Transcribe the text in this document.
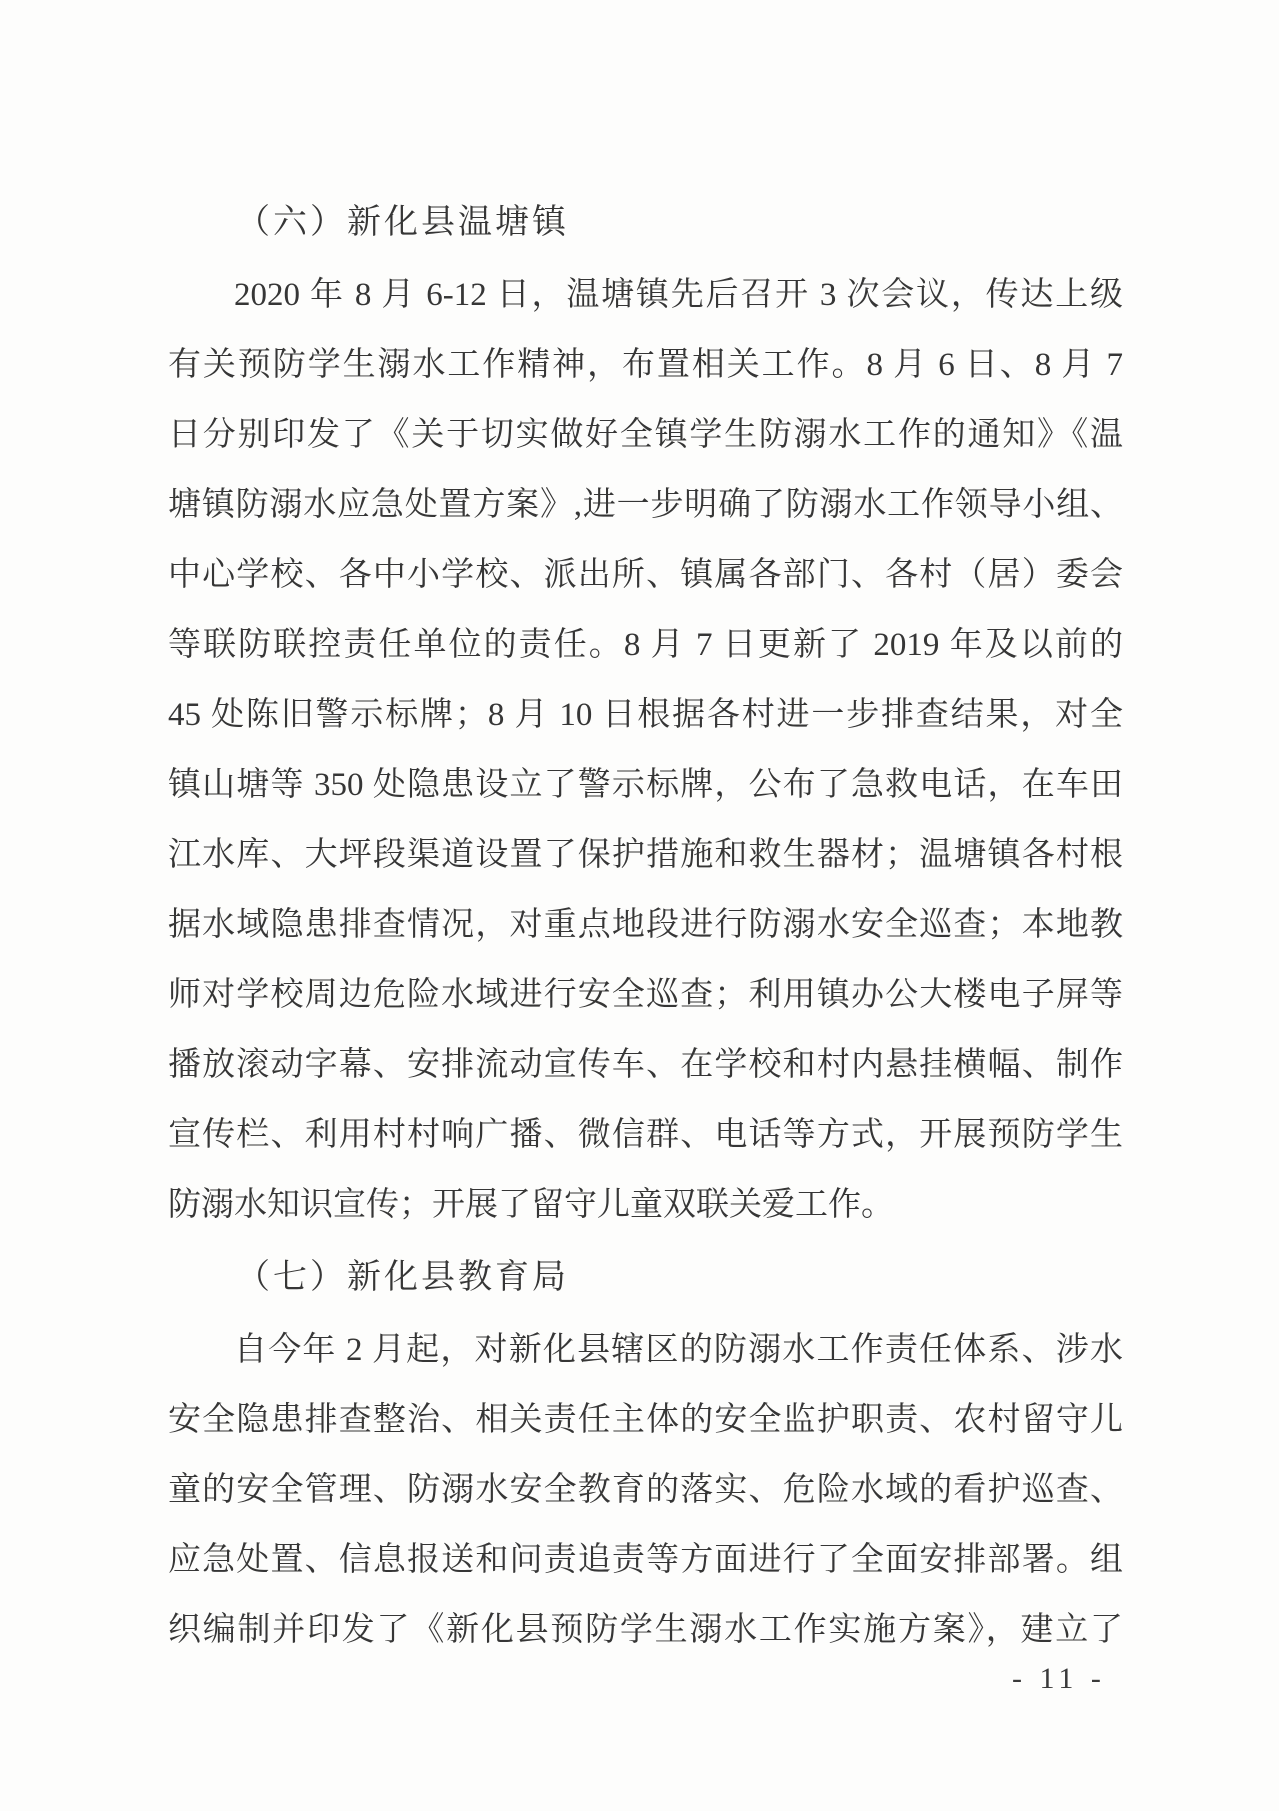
（六）新化县温塘镇
2020 年 8 月 6-12 日，温塘镇先后召开 3 次会议，传达上级
有关预防学生溺水工作精神，布置相关工作。8 月 6 日、8 月 7
日分别印发了《关于切实做好全镇学生防溺水工作的通知》《温
塘镇防溺水应急处置方案》,进一步明确了防溺水工作领导小组、
中心学校、各中小学校、派出所、镇属各部门、各村（居）委会
等联防联控责任单位的责任。8 月 7 日更新了 2019 年及以前的
45 处陈旧警示标牌；8 月 10 日根据各村进一步排查结果，对全
镇山塘等 350 处隐患设立了警示标牌，公布了急救电话，在车田
江水库、大坪段渠道设置了保护措施和救生器材；温塘镇各村根
据水域隐患排查情况，对重点地段进行防溺水安全巡查；本地教
师对学校周边危险水域进行安全巡查；利用镇办公大楼电子屏等
播放滚动字幕、安排流动宣传车、在学校和村内悬挂横幅、制作
宣传栏、利用村村响广播、微信群、电话等方式，开展预防学生
防溺水知识宣传；开展了留守儿童双联关爱工作。
（七）新化县教育局
自今年 2 月起，对新化县辖区的防溺水工作责任体系、涉水
安全隐患排查整治、相关责任主体的安全监护职责、农村留守儿
童的安全管理、防溺水安全教育的落实、危险水域的看护巡查、
应急处置、信息报送和问责追责等方面进行了全面安排部署。组
织编制并印发了《新化县预防学生溺水工作实施方案》，建立了
- 11 -
